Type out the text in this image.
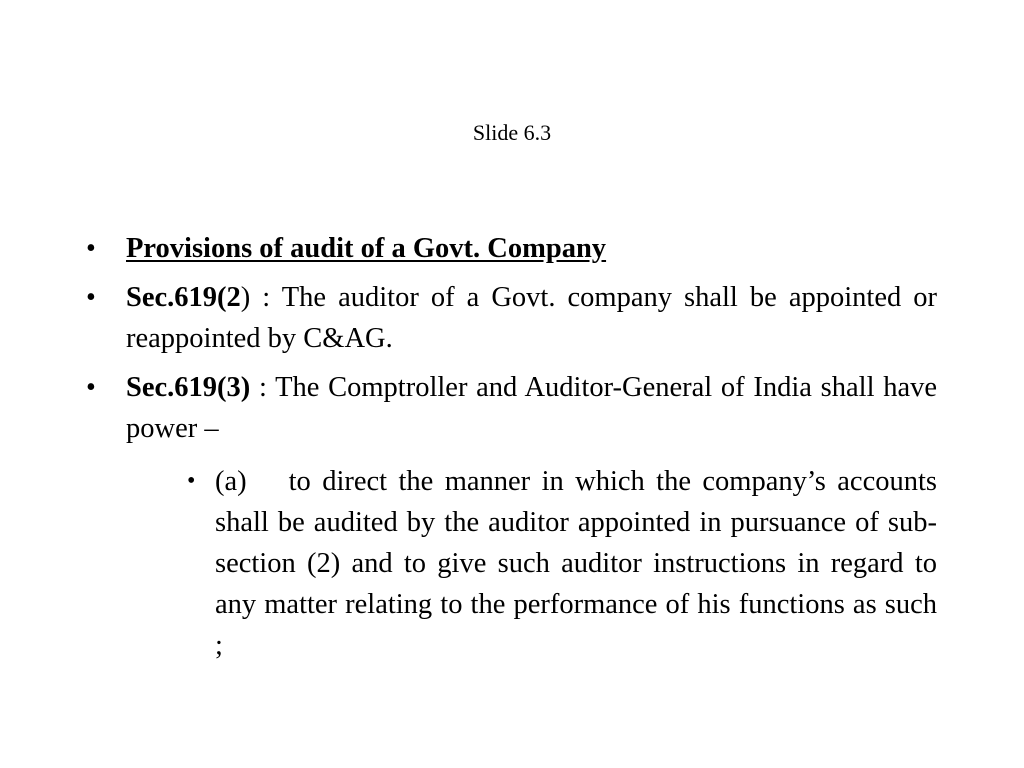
Slide 6.3
• Provisions of audit of a Govt. Company
• Sec.619(2) : The auditor of a Govt. company shall be appointed or reappointed by C&AG.
• Sec.619(3) : The Comptroller and Auditor-General of India shall have power –
• (a) to direct the manner in which the company’s accounts shall be audited by the auditor appointed in pursuance of sub-section (2) and to give such auditor instructions in regard to any matter relating to the performance of his functions as such ;
